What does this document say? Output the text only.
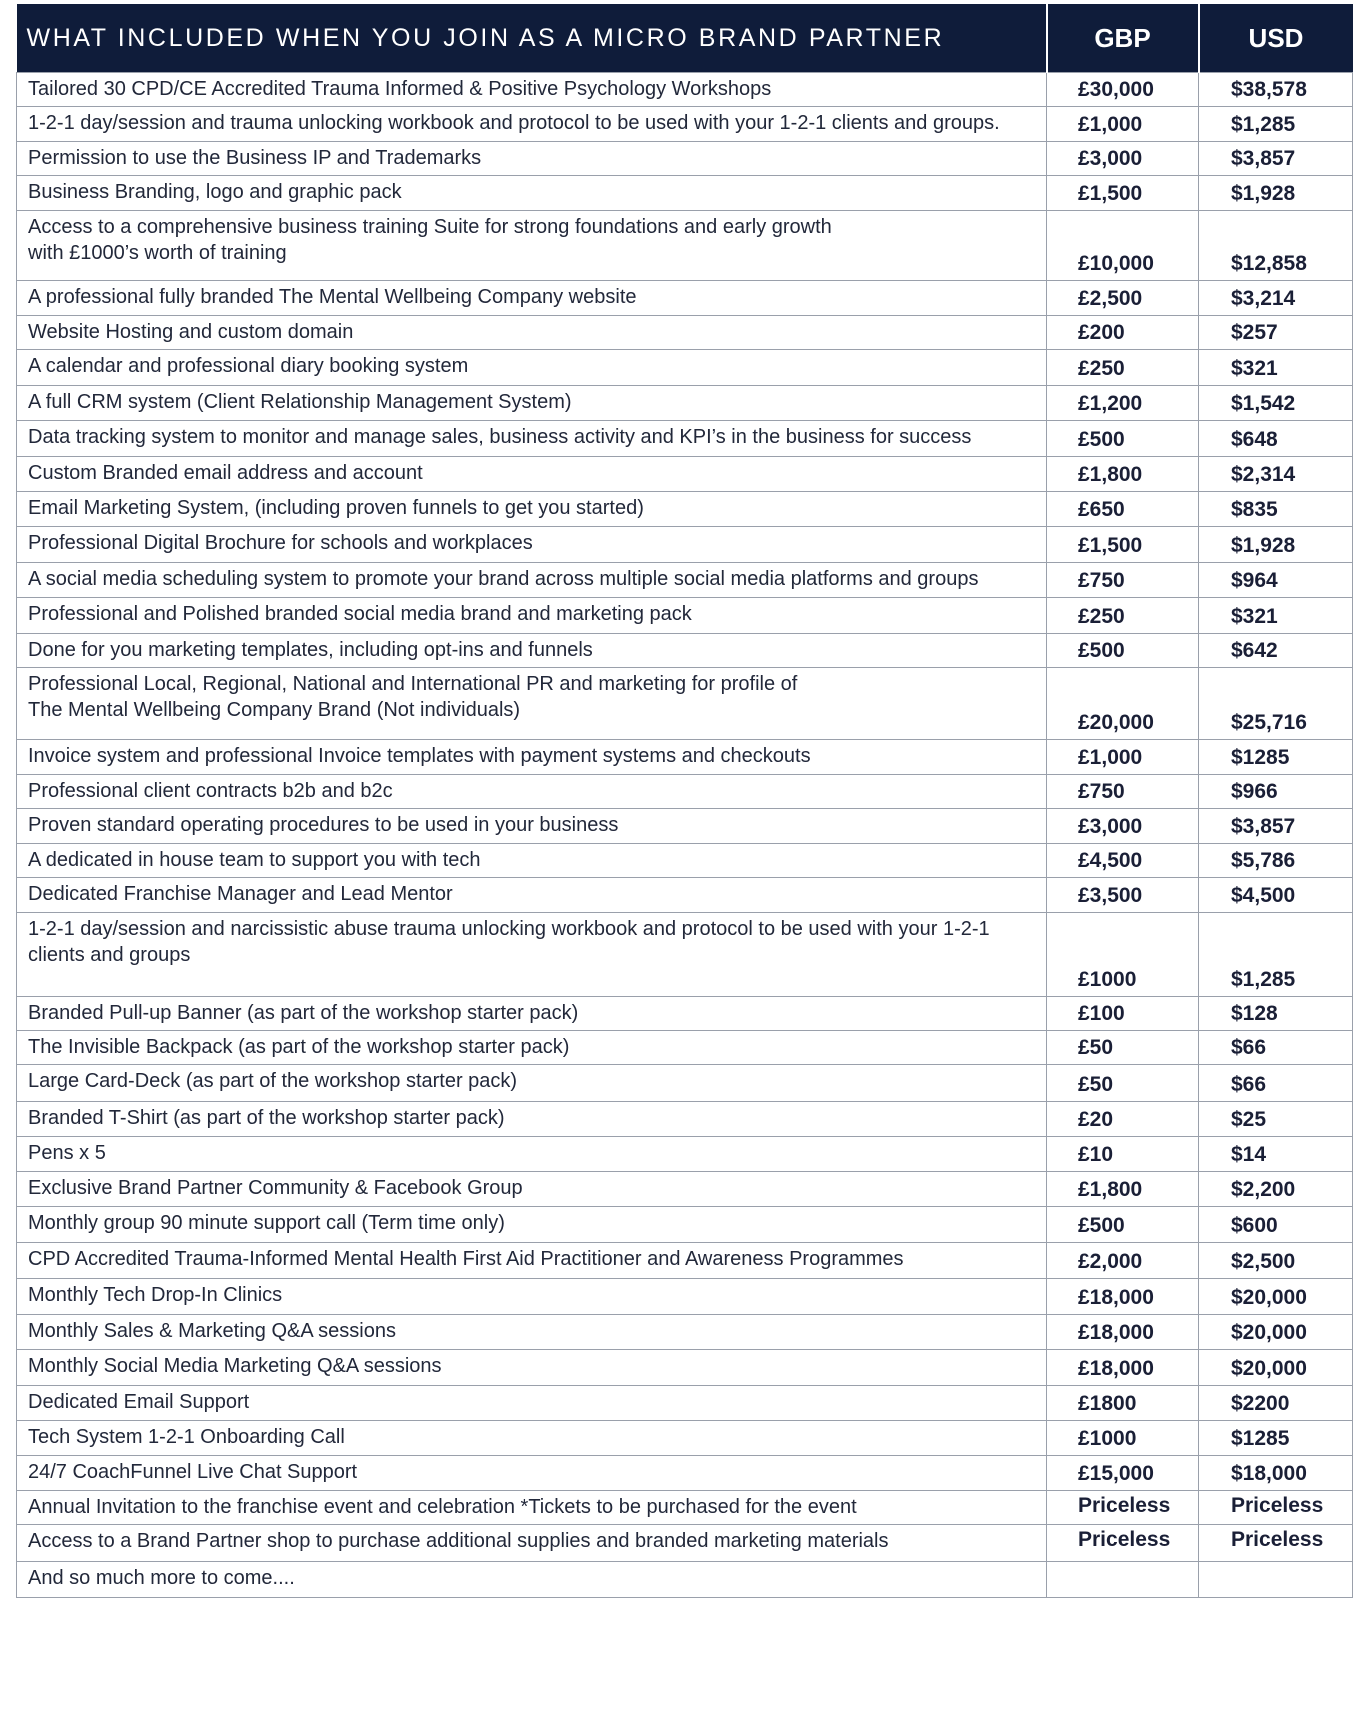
WHAT INCLUDED WHEN YOU JOIN AS A MICRO BRAND PARTNER	GBP	USD
Tailored 30 CPD/CE Accredited Trauma Informed & Positive Psychology Workshops	£30,000	$38,578
1-2-1 day/session and trauma unlocking workbook and protocol to be used with your 1-2-1 clients and groups.	£1,000	$1,285
Permission to use the Business IP and Trademarks	£3,000	$3,857
Business Branding, logo and graphic pack	£1,500	$1,928
Access to a comprehensive business training Suite for strong foundations and early growth
with £1000’s worth of training	£10,000	$12,858
A professional fully branded The Mental Wellbeing Company website	£2,500	$3,214
Website Hosting and custom domain	£200	$257
A calendar and professional diary booking system	£250	$321
A full CRM system (Client Relationship Management System)	£1,200	$1,542
Data tracking system to monitor and manage sales, business activity and KPI’s in the business for success	£500	$648
Custom Branded email address and account	£1,800	$2,314
Email Marketing System, (including proven funnels to get you started)	£650	$835
Professional Digital Brochure for schools and workplaces	£1,500	$1,928
A social media scheduling system to promote your brand across multiple social media platforms and groups	£750	$964
Professional and Polished branded social media brand and marketing pack	£250	$321
Done for you marketing templates, including opt-ins and funnels	£500	$642
Professional Local, Regional, National and International PR and marketing for profile of
The Mental Wellbeing Company Brand (Not individuals)	£20,000	$25,716
Invoice system and professional Invoice templates with payment systems and checkouts	£1,000	$1285
Professional client contracts b2b and b2c	£750	$966
Proven standard operating procedures to be used in your business	£3,000	$3,857
A dedicated in house team to support you with tech	£4,500	$5,786
Dedicated Franchise Manager and Lead Mentor	£3,500	$4,500
1-2-1 day/session and narcissistic abuse trauma unlocking workbook and protocol to be used with your 1-2-1
clients and groups	£1000	$1,285
Branded Pull-up Banner (as part of the workshop starter pack)	£100	$128
The Invisible Backpack (as part of the workshop starter pack)	£50	$66
Large Card-Deck (as part of the workshop starter pack)	£50	$66
Branded T-Shirt (as part of the workshop starter pack)	£20	$25
Pens x 5	£10	$14
Exclusive Brand Partner Community & Facebook Group	£1,800	$2,200
Monthly group 90 minute support call (Term time only)	£500	$600
CPD Accredited Trauma-Informed Mental Health First Aid Practitioner and Awareness Programmes	£2,000	$2,500
Monthly Tech Drop-In Clinics	£18,000	$20,000
Monthly Sales & Marketing Q&A sessions	£18,000	$20,000
Monthly Social Media Marketing Q&A sessions	£18,000	$20,000
Dedicated Email Support	£1800	$2200
Tech System 1-2-1 Onboarding Call	£1000	$1285
24/7 CoachFunnel Live Chat Support	£15,000	$18,000
Annual Invitation to the franchise event and celebration *Tickets to be purchased for the event	Priceless	Priceless
Access to a Brand Partner shop to purchase additional supplies and branded marketing materials	Priceless	Priceless
And so much more to come....		
